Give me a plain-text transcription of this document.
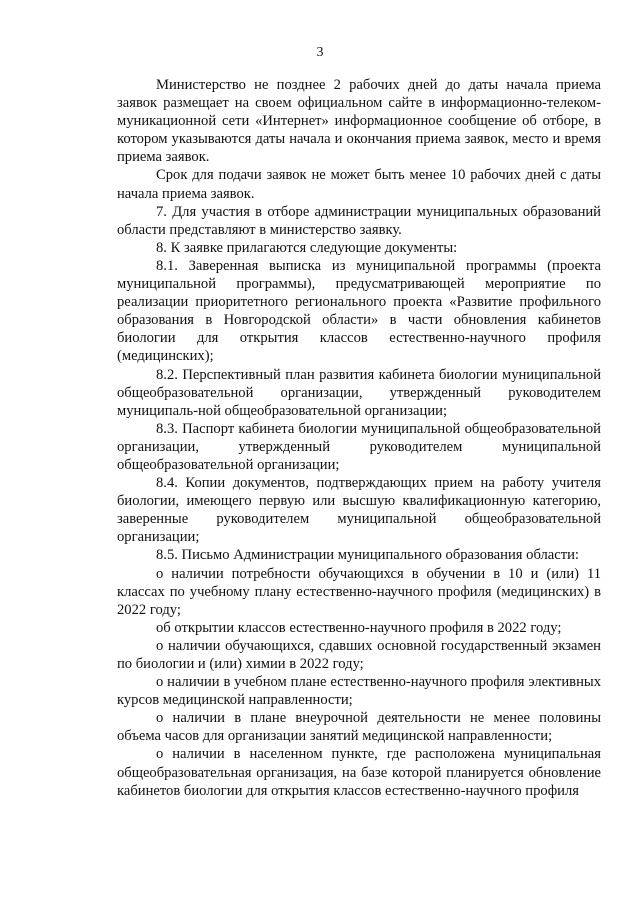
3

Министерство не позднее 2 рабочих дней до даты начала приема заявок размещает на своем официальном сайте в информационно-телеком-муникационной сети «Интернет» информационное сообщение об отборе, в котором указываются даты начала и окончания приема заявок, место и время приема заявок.

Срок для подачи заявок не может быть менее 10 рабочих дней с даты начала приема заявок.

7. Для участия в отборе администрации муниципальных образований области представляют в министерство заявку.

8. К заявке прилагаются следующие документы:

8.1. Заверенная выписка из муниципальной программы (проекта муниципальной программы), предусматривающей мероприятие по реализации приоритетного регионального проекта «Развитие профильного образования в Новгородской области» в части обновления кабинетов биологии для открытия классов естественно-научного профиля (медицинских);

8.2. Перспективный план развития кабинета биологии муниципальной общеобразовательной организации, утвержденный руководителем муниципаль-ной общеобразовательной организации;

8.3. Паспорт кабинета биологии муниципальной общеобразовательной организации, утвержденный руководителем муниципальной общеобразовательной организации;

8.4. Копии документов, подтверждающих прием на работу учителя биологии, имеющего первую или высшую квалификационную категорию, заверенные руководителем муниципальной общеобразовательной организации;

8.5. Письмо Администрации муниципального образования области:

о наличии потребности обучающихся в обучении в 10 и (или) 11 классах по учебному плану естественно-научного профиля (медицинских) в 2022 году;

об открытии классов естественно-научного профиля в 2022 году;

о наличии обучающихся, сдавших основной государственный экзамен по биологии и (или) химии в 2022 году;

о наличии в учебном плане естественно-научного профиля элективных курсов медицинской направленности;

о наличии в плане внеурочной деятельности не менее половины объема часов для организации занятий медицинской направленности;

о наличии в населенном пункте, где расположена муниципальная общеобразовательная организация, на базе которой планируется обновление кабинетов биологии для открытия классов естественно-научного профиля
